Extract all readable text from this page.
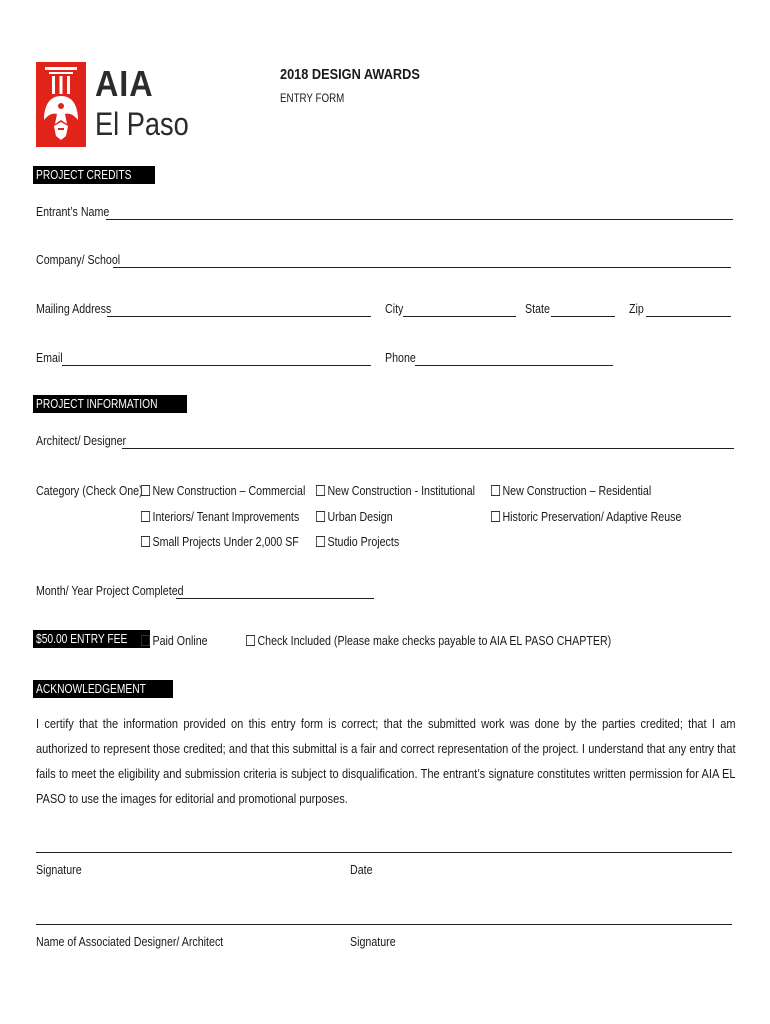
AIA
El Paso
2018 DESIGN AWARDS
ENTRY FORM
PROJECT CREDITS
Entrant’s Name
Company/ School
Mailing Address	City	State	Zip
Email	Phone
PROJECT INFORMATION
Architect/ Designer
Category (Check One) New Construction – Commercial	New Construction - Institutional	New Construction – Residential
Interiors/ Tenant Improvements	Urban Design	Historic Preservation/ Adaptive Reuse
Small Projects Under 2,000 SF	Studio Projects
Month/ Year Project Completed
$50.00 ENTRY FEE	Paid Online	Check Included (Please make checks payable to AIA EL PASO CHAPTER)
ACKNOWLEDGEMENT
I certify that the information provided on this entry form is correct; that the submitted work was done by the parties credited; that I am authorized to represent those credited; and that this submittal is a fair and correct representation of the project. I understand that any entry that fails to meet the eligibility and submission criteria is subject to disqualification. The entrant’s signature constitutes written permission for AIA EL PASO to use the images for editorial and promotional purposes.
Signature	Date
Name of Associated Designer/ Architect	Signature
